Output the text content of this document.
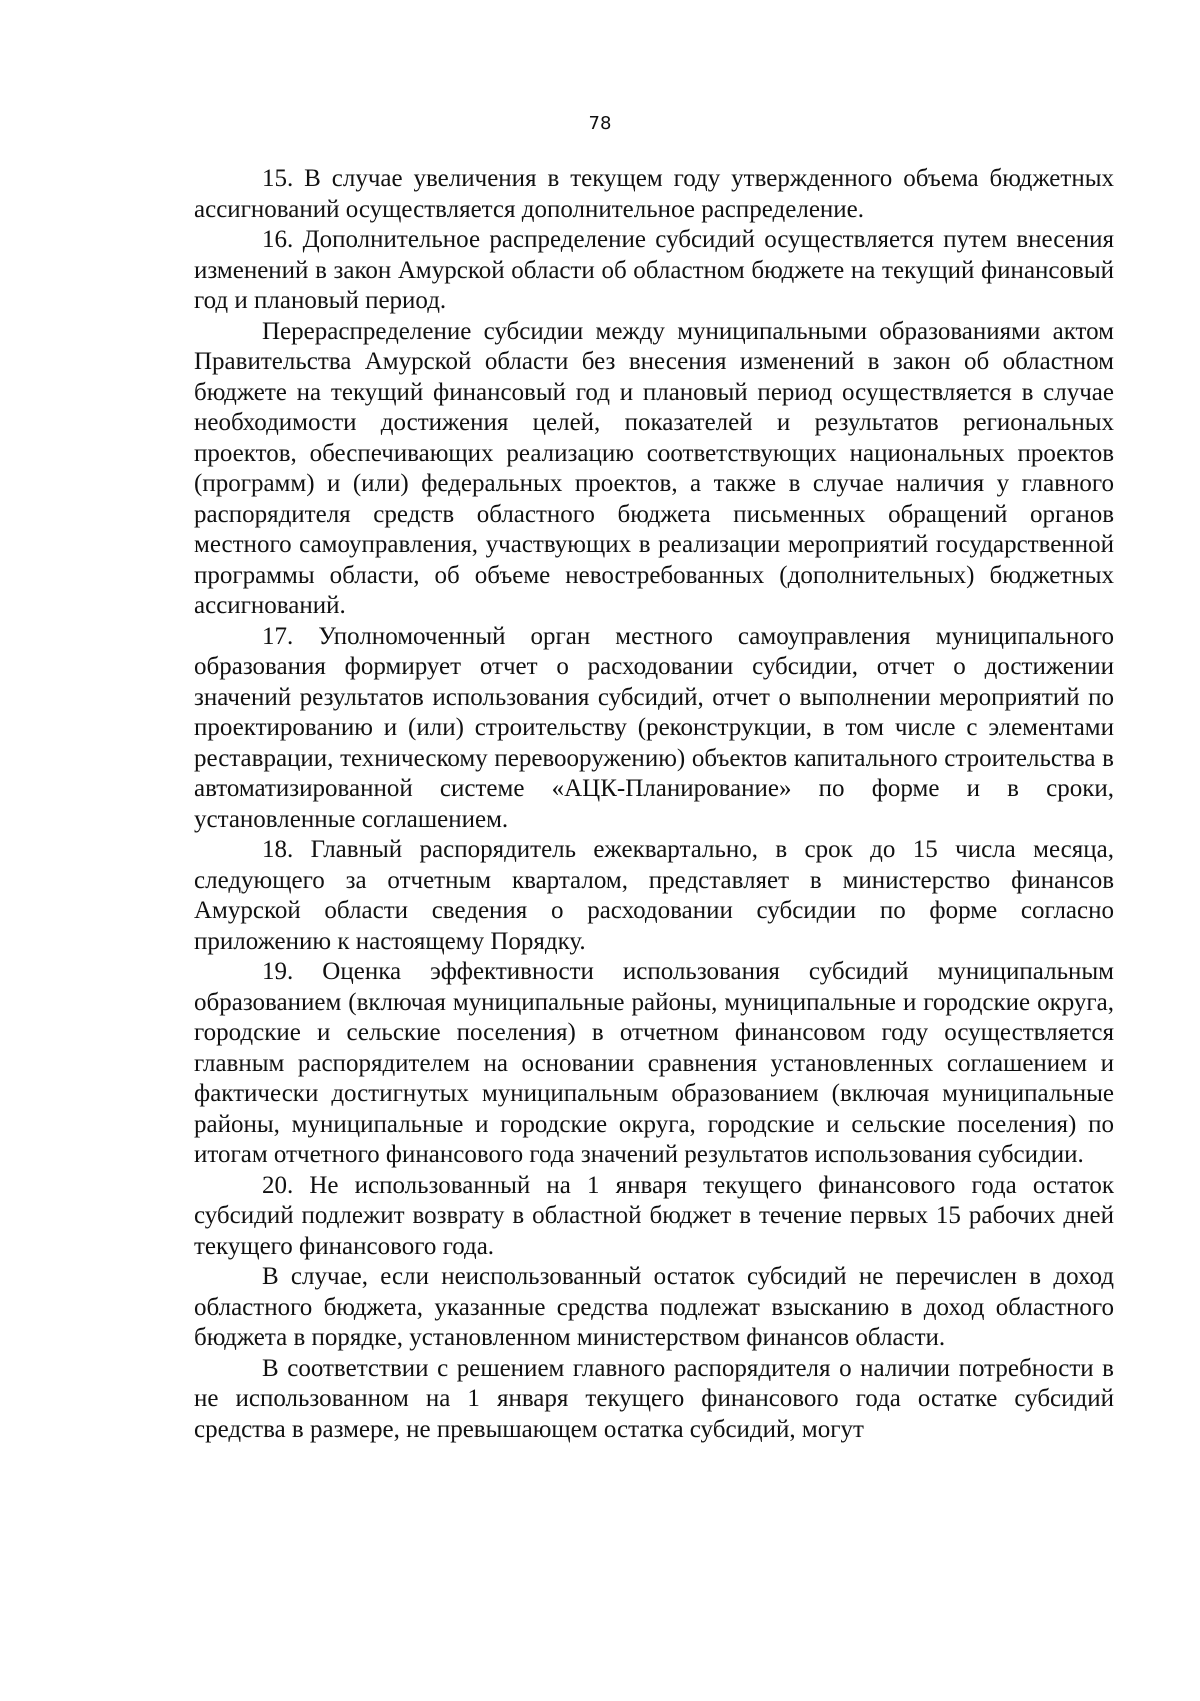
78

15. В случае увеличения в текущем году утвержденного объема бюджетных ассигнований осуществляется дополнительное распределение.

16. Дополнительное распределение субсидий осуществляется путем внесения изменений в закон Амурской области об областном бюджете на текущий финансовый год и плановый период.

Перераспределение субсидии между муниципальными образованиями актом Правительства Амурской области без внесения изменений в закон об областном бюджете на текущий финансовый год и плановый период осуществляется в случае необходимости достижения целей, показателей и результатов региональных проектов, обеспечивающих реализацию соответствующих национальных проектов (программ) и (или) федеральных проектов, а также в случае наличия у главного распорядителя средств областного бюджета письменных обращений органов местного самоуправления, участвующих в реализации мероприятий государственной программы области, об объеме невостребованных (дополнительных) бюджетных ассигнований.

17. Уполномоченный орган местного самоуправления муниципального образования формирует отчет о расходовании субсидии, отчет о достижении значений результатов использования субсидий, отчет о выполнении мероприятий по проектированию и (или) строительству (реконструкции, в том числе с элементами реставрации, техническому перевооружению) объектов капитального строительства в автоматизированной системе «АЦК-Планирование» по форме и в сроки, установленные соглашением.

18. Главный распорядитель ежеквартально, в срок до 15 числа месяца, следующего за отчетным кварталом, представляет в министерство финансов Амурской области сведения о расходовании субсидии по форме согласно приложению к настоящему Порядку.

19. Оценка эффективности использования субсидий муниципальным образованием (включая муниципальные районы, муниципальные и городские округа, городские и сельские поселения) в отчетном финансовом году осуществляется главным распорядителем на основании сравнения установленных соглашением и фактически достигнутых муниципальным образованием (включая муниципальные районы, муниципальные и городские округа, городские и сельские поселения) по итогам отчетного финансового года значений результатов использования субсидии.

20. Не использованный на 1 января текущего финансового года остаток субсидий подлежит возврату в областной бюджет в течение первых 15 рабочих дней текущего финансового года.

В случае, если неиспользованный остаток субсидий не перечислен в доход областного бюджета, указанные средства подлежат взысканию в доход областного бюджета в порядке, установленном министерством финансов области.

В соответствии с решением главного распорядителя о наличии потребности в не использованном на 1 января текущего финансового года остатке субсидий средства в размере, не превышающем остатка субсидий, могут
